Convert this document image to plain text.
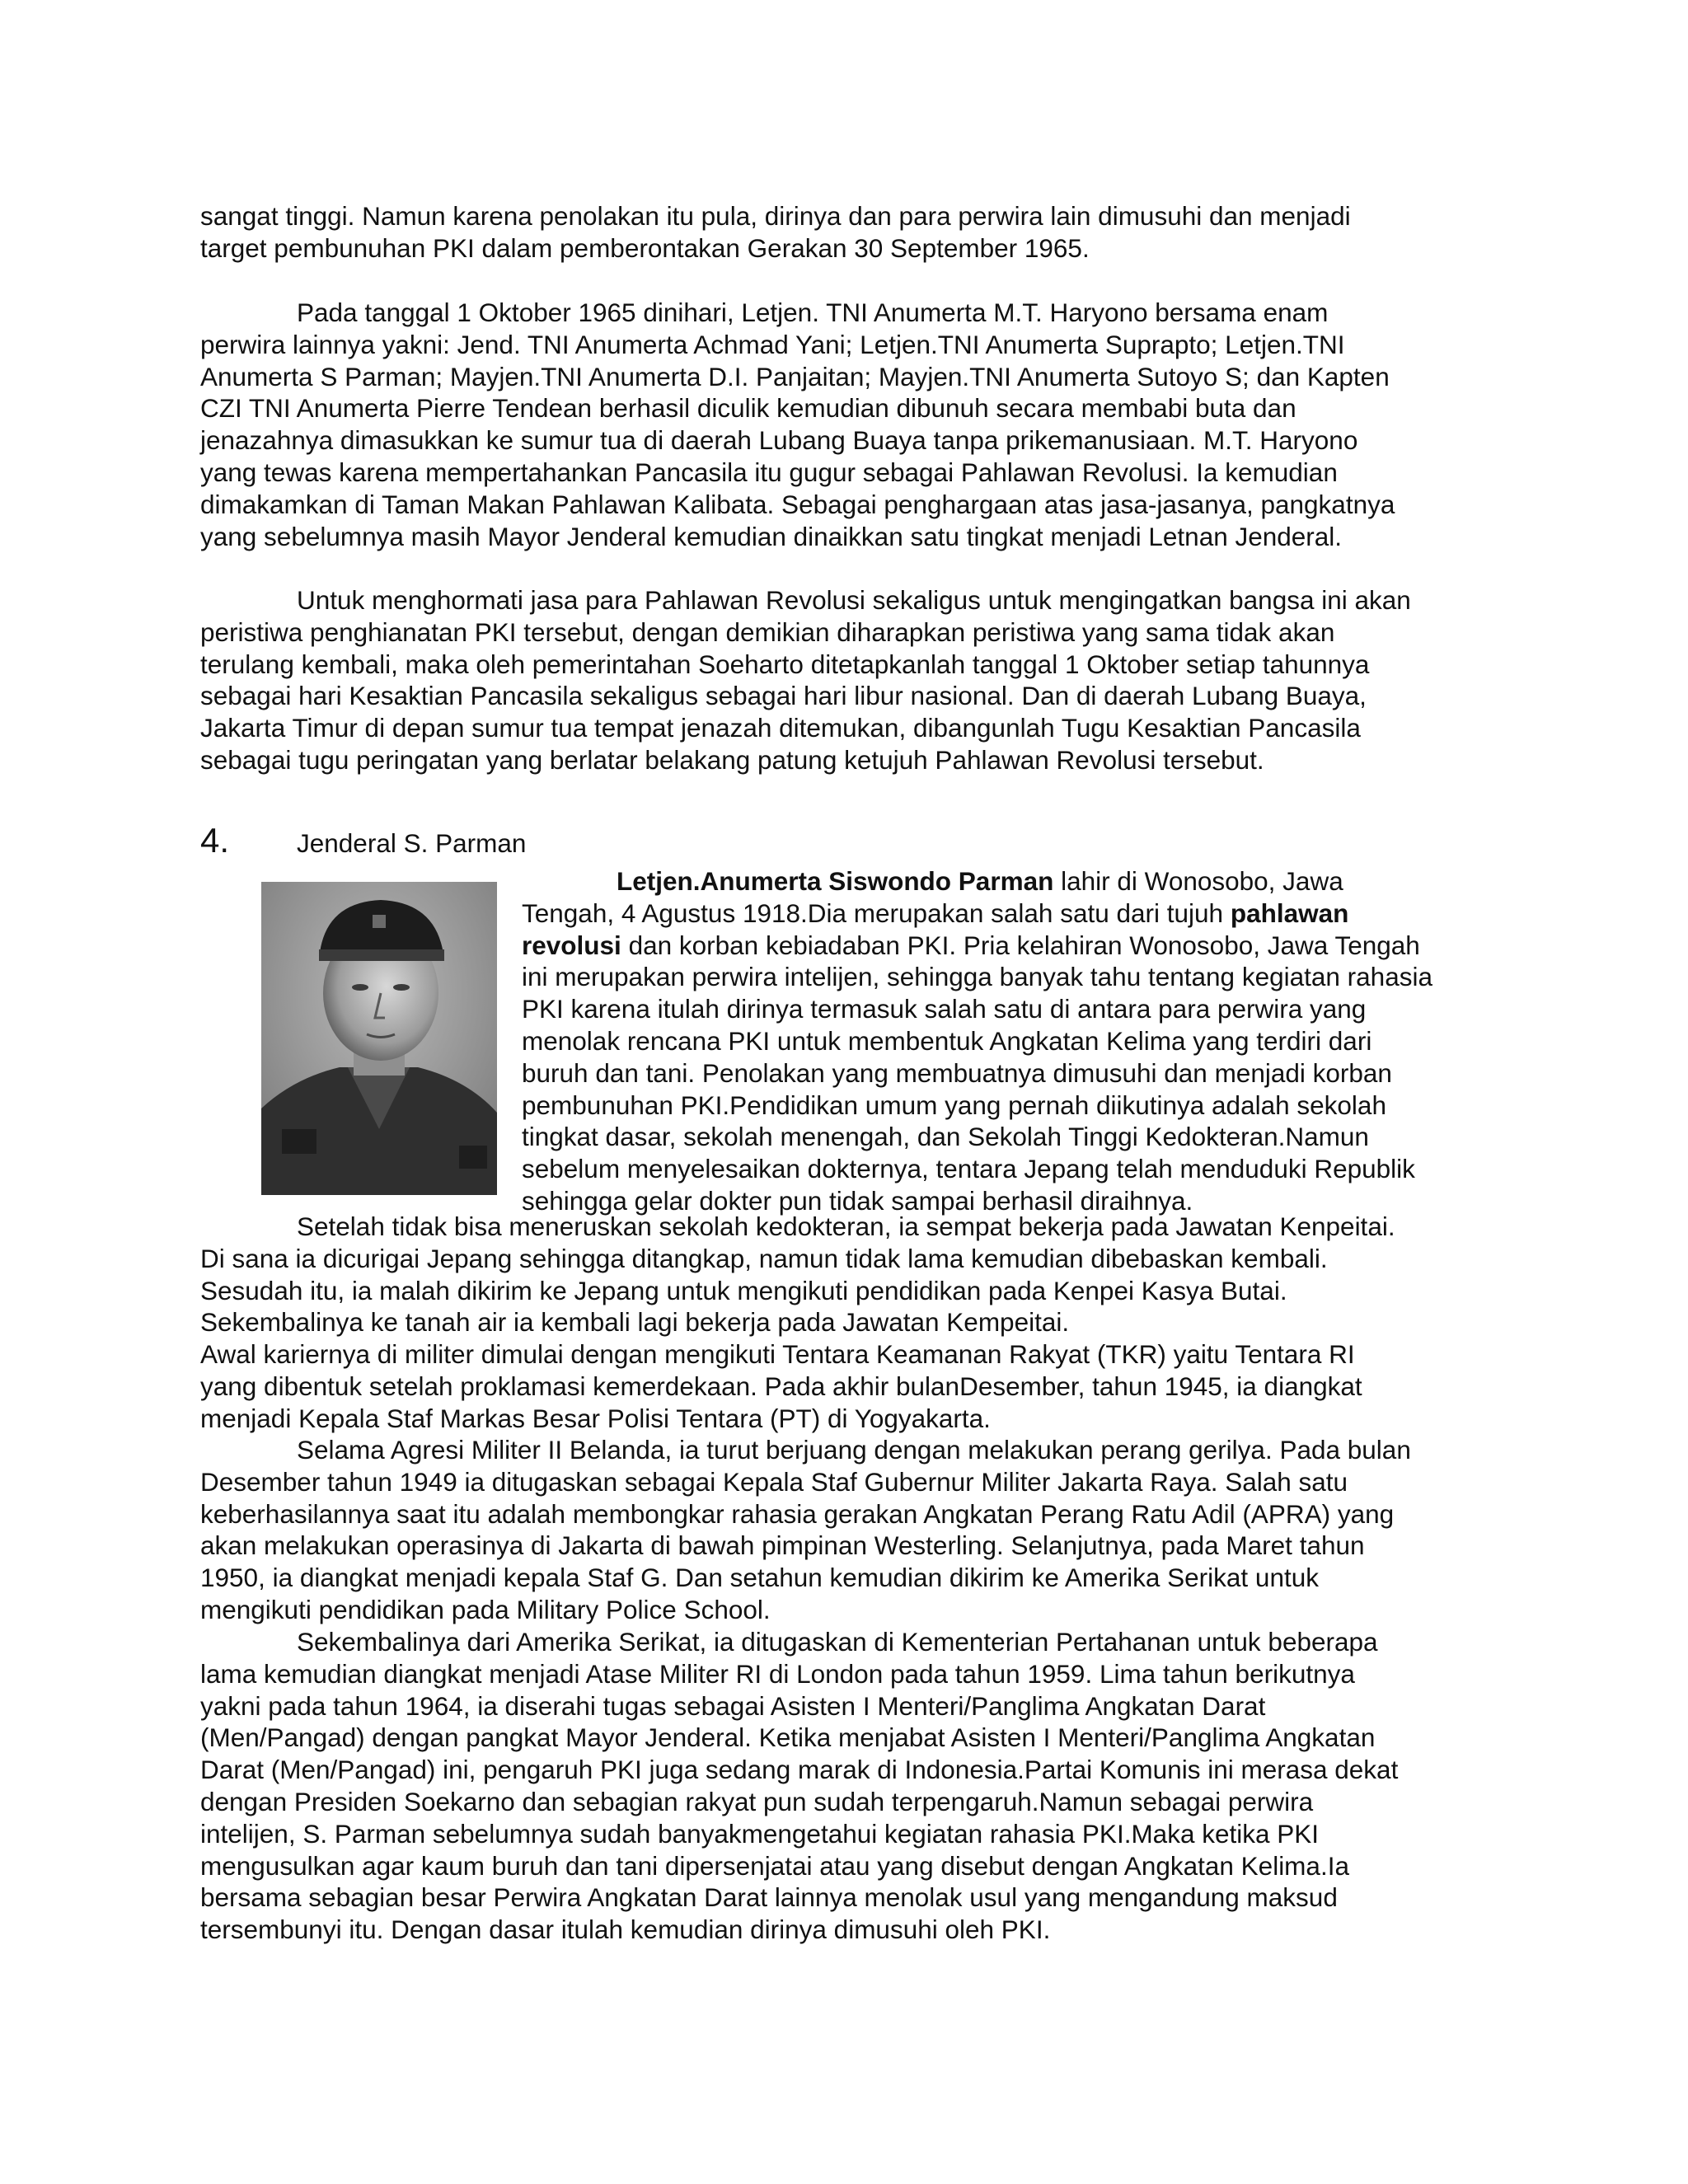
sangat tinggi. Namun karena penolakan itu pula, dirinya dan para perwira lain dimusuhi dan menjadi
target pembunuhan PKI dalam pemberontakan Gerakan 30 September 1965.

Pada tanggal 1 Oktober 1965 dinihari, Letjen. TNI Anumerta M.T. Haryono bersama enam
perwira lainnya yakni: Jend. TNI Anumerta Achmad Yani; Letjen.TNI Anumerta Suprapto; Letjen.TNI
Anumerta S Parman; Mayjen.TNI Anumerta D.I. Panjaitan; Mayjen.TNI Anumerta Sutoyo S; dan Kapten
CZI TNI Anumerta Pierre Tendean berhasil diculik kemudian dibunuh secara membabi buta dan
jenazahnya dimasukkan ke sumur tua di daerah Lubang Buaya tanpa prikemanusiaan. M.T. Haryono
yang tewas karena mempertahankan Pancasila itu gugur sebagai Pahlawan Revolusi. Ia kemudian
dimakamkan di Taman Makan Pahlawan Kalibata. Sebagai penghargaan atas jasa-jasanya, pangkatnya
yang sebelumnya masih Mayor Jenderal kemudian dinaikkan satu tingkat menjadi Letnan Jenderal.

Untuk menghormati jasa para Pahlawan Revolusi sekaligus untuk mengingatkan bangsa ini akan
peristiwa penghianatan PKI tersebut, dengan demikian diharapkan peristiwa yang sama tidak akan
terulang kembali, maka oleh pemerintahan Soeharto ditetapkanlah tanggal 1 Oktober setiap tahunnya
sebagai hari Kesaktian Pancasila sekaligus sebagai hari libur nasional. Dan di daerah Lubang Buaya,
Jakarta Timur di depan sumur tua tempat jenazah ditemukan, dibangunlah Tugu Kesaktian Pancasila
sebagai tugu peringatan yang berlatar belakang patung ketujuh Pahlawan Revolusi tersebut.

4.	Jenderal S. Parman

Letjen.Anumerta Siswondo Parman lahir di Wonosobo, Jawa
Tengah, 4 Agustus 1918.Dia merupakan salah satu dari tujuh pahlawan
revolusi dan korban kebiadaban PKI. Pria kelahiran Wonosobo, Jawa Tengah
ini merupakan perwira intelijen, sehingga banyak tahu tentang kegiatan rahasia
PKI karena itulah dirinya termasuk salah satu di antara para perwira yang
menolak rencana PKI untuk membentuk Angkatan Kelima yang terdiri dari
buruh dan tani. Penolakan yang membuatnya dimusuhi dan menjadi korban
pembunuhan PKI.Pendidikan umum yang pernah diikutinya adalah sekolah
tingkat dasar, sekolah menengah, dan Sekolah Tinggi Kedokteran.Namun
sebelum menyelesaikan dokternya, tentara Jepang telah menduduki Republik
sehingga gelar dokter pun tidak sampai berhasil diraihnya.

Setelah tidak bisa meneruskan sekolah kedokteran, ia sempat bekerja pada Jawatan Kenpeitai.
Di sana ia dicurigai Jepang sehingga ditangkap, namun tidak lama kemudian dibebaskan kembali.
Sesudah itu, ia malah dikirim ke Jepang untuk mengikuti pendidikan pada Kenpei Kasya Butai.
Sekembalinya ke tanah air ia kembali lagi bekerja pada Jawatan Kempeitai.

Awal kariernya di militer dimulai dengan mengikuti Tentara Keamanan Rakyat (TKR) yaitu Tentara RI
yang dibentuk setelah proklamasi kemerdekaan. Pada akhir bulanDesember, tahun 1945, ia diangkat
menjadi Kepala Staf Markas Besar Polisi Tentara (PT) di Yogyakarta.

Selama Agresi Militer II Belanda, ia turut berjuang dengan melakukan perang gerilya. Pada bulan
Desember tahun 1949 ia ditugaskan sebagai Kepala Staf Gubernur Militer Jakarta Raya. Salah satu
keberhasilannya saat itu adalah membongkar rahasia gerakan Angkatan Perang Ratu Adil (APRA) yang
akan melakukan operasinya di Jakarta di bawah pimpinan Westerling. Selanjutnya, pada Maret tahun
1950, ia diangkat menjadi kepala Staf G. Dan setahun kemudian dikirim ke Amerika Serikat untuk
mengikuti pendidikan pada Military Police School.

Sekembalinya dari Amerika Serikat, ia ditugaskan di Kementerian Pertahanan untuk beberapa
lama kemudian diangkat menjadi Atase Militer RI di London pada tahun 1959. Lima tahun berikutnya
yakni pada tahun 1964, ia diserahi tugas sebagai Asisten I Menteri/Panglima Angkatan Darat
(Men/Pangad) dengan pangkat Mayor Jenderal. Ketika menjabat Asisten I Menteri/Panglima Angkatan
Darat (Men/Pangad) ini, pengaruh PKI juga sedang marak di Indonesia.Partai Komunis ini merasa dekat
dengan Presiden Soekarno dan sebagian rakyat pun sudah terpengaruh.Namun sebagai perwira
intelijen, S. Parman sebelumnya sudah banyakmengetahui kegiatan rahasia PKI.Maka ketika PKI
mengusulkan agar kaum buruh dan tani dipersenjatai atau yang disebut dengan Angkatan Kelima.Ia
bersama sebagian besar Perwira Angkatan Darat lainnya menolak usul yang mengandung maksud
tersembunyi itu. Dengan dasar itulah kemudian dirinya dimusuhi oleh PKI.
